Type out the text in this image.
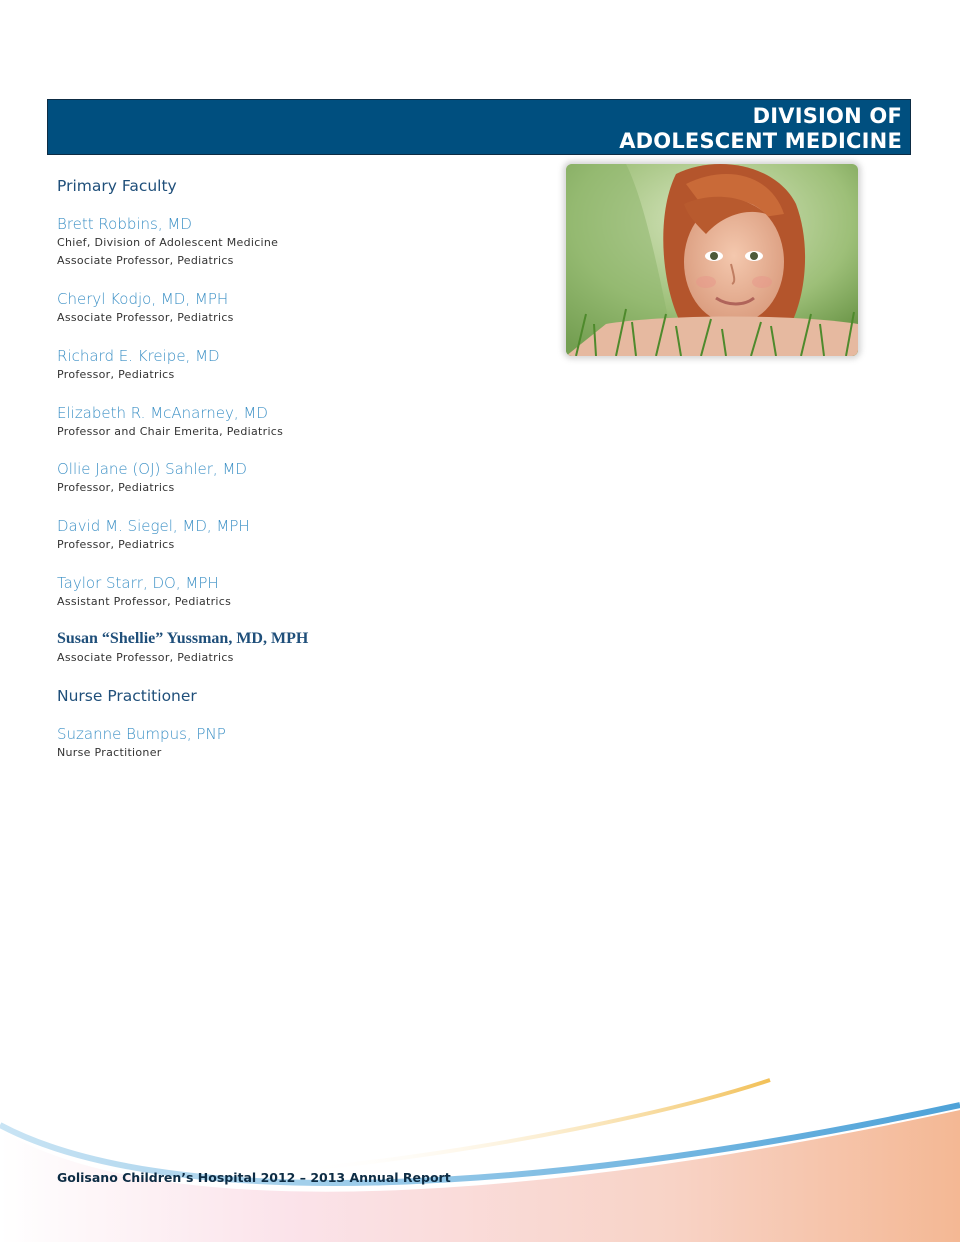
DIVISION OF
ADOLESCENT MEDICINE
Primary Faculty
Brett Robbins, MD
Chief, Division of Adolescent Medicine
Associate Professor, Pediatrics
Cheryl Kodjo, MD, MPH
Associate Professor, Pediatrics
Richard E. Kreipe, MD
Professor, Pediatrics
Elizabeth R. McAnarney, MD
Professor and Chair Emerita, Pediatrics
Ollie Jane (OJ) Sahler, MD
Professor, Pediatrics
David M. Siegel, MD, MPH
Professor, Pediatrics
Taylor Starr, DO, MPH
Assistant Professor, Pediatrics
Susan “Shellie” Yussman, MD, MPH
Associate Professor, Pediatrics
Nurse Practitioner
Suzanne Bumpus, PNP
Nurse Practitioner
Golisano Children’s Hospital 2012 – 2013 Annual Report
